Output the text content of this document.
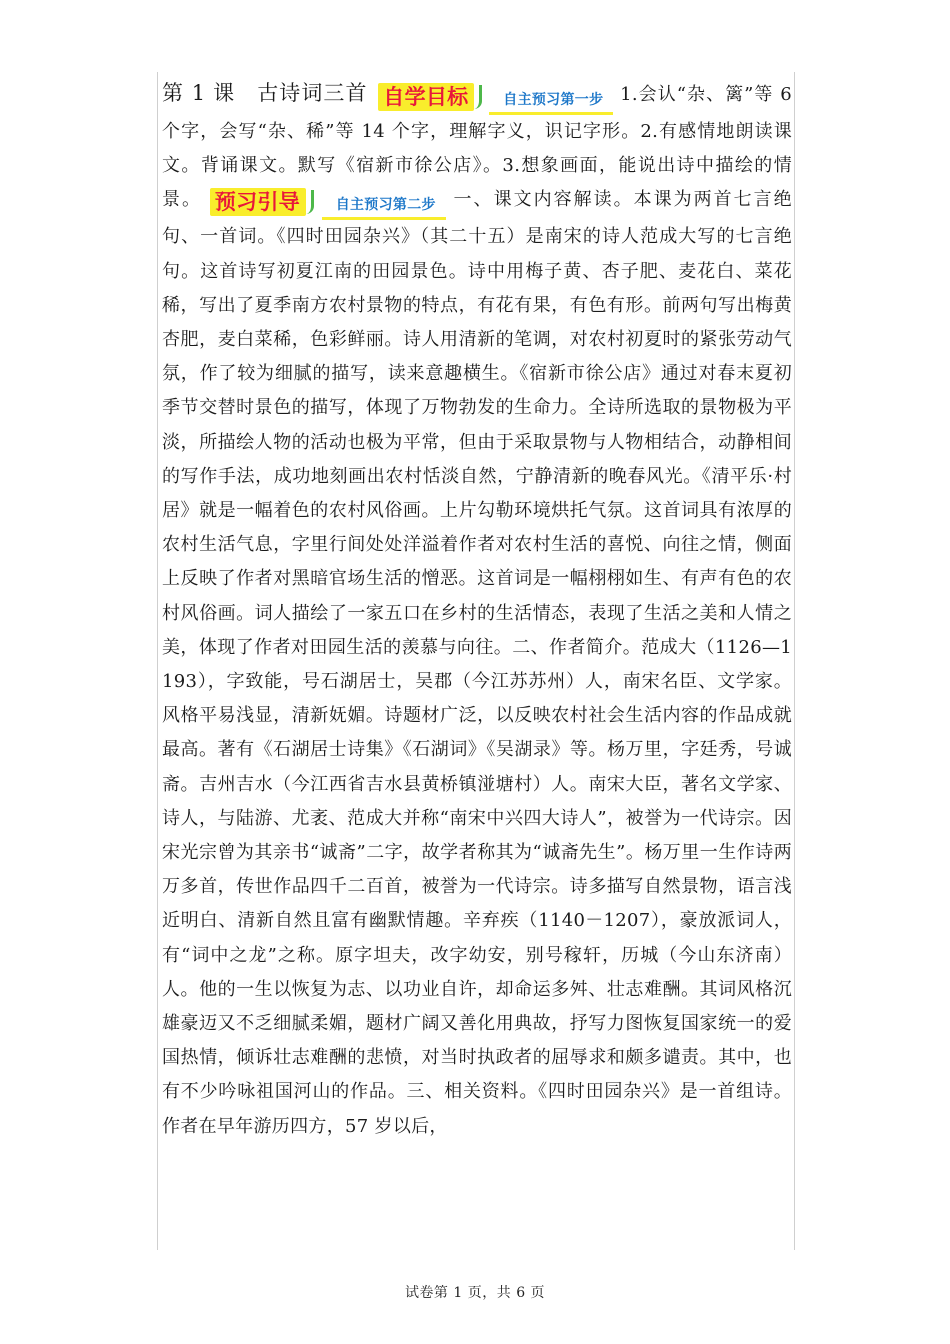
第 1 课　古诗词三首 自学目标 自主预习第一步 1.会认“杂、篱”等 6 个字，会写“杂、稀”等 14 个字，理解字义，识记字形。2.有感情地朗读课文。背诵课文。默写《宿新市徐公店》。3.想象画面，能说出诗中描绘的情景。 预习引导	自主预习第二步 一、课文内容解读。本课为两首七言绝句、一首词。《四时田园杂兴》（其二十五）是南宋的诗人范成大写的七言绝句。这首诗写初夏江南的田园景色。诗中用梅子黄、杏子肥、麦花白、菜花稀，写出了夏季南方农村景物的特点，有花有果，有色有形。前两句写出梅黄杏肥，麦白菜稀，色彩鲜丽。诗人用清新的笔调，对农村初夏时的紧张劳动气氛，作了较为细腻的描写，读来意趣横生。《宿新市徐公店》通过对春末夏初季节交替时景色的描写，体现了万物勃发的生命力。全诗所选取的景物极为平淡，所描绘人物的活动也极为平常，但由于采取景物与人物相结合，动静相间的写作手法，成功地刻画出农村恬淡自然，宁静清新的晚春风光。《清平乐·村居》就是一幅着色的农村风俗画。上片勾勒环境烘托气氛。这首词具有浓厚的农村生活气息，字里行间处处洋溢着作者对农村生活的喜悦、向往之情，侧面上反映了作者对黑暗官场生活的憎恶。这首词是一幅栩栩如生、有声有色的农村风俗画。词人描绘了一家五口在乡村的生活情态，表现了生活之美和人情之美，体现了作者对田园生活的羡慕与向往。二、作者简介。范成大（1126—1193），字致能，号石湖居士，吴郡（今江苏苏州）人，南宋名臣、文学家。风格平易浅显，清新妩媚。诗题材广泛，以反映农村社会生活内容的作品成就最高。著有《石湖居士诗集》《石湖词》《吴湖录》等。杨万里，字廷秀，号诚斋。吉州吉水（今江西省吉水县黄桥镇湴塘村）人。南宋大臣，著名文学家、诗人，与陆游、尤袤、范成大并称“南宋中兴四大诗人”，被誉为一代诗宗。因宋光宗曾为其亲书“诚斋”二字，故学者称其为“诚斋先生”。杨万里一生作诗两万多首，传世作品四千二百首，被誉为一代诗宗。诗多描写自然景物，语言浅近明白、清新自然且富有幽默情趣。辛弃疾（1140－1207），豪放派词人，有“词中之龙”之称。原字坦夫，改字幼安，别号稼轩，历城（今山东济南）人。他的一生以恢复为志、以功业自许，却命运多舛、壮志难酬。其词风格沉雄豪迈又不乏细腻柔媚，题材广阔又善化用典故，抒写力图恢复国家统一的爱国热情，倾诉壮志难酬的悲愤，对当时执政者的屈辱求和颇多谴责。其中，也有不少吟咏祖国河山的作品。三、相关资料。《四时田园杂兴》是一首组诗。作者在早年游历四方，57 岁以后，
试卷第 1 页，共 6 页
